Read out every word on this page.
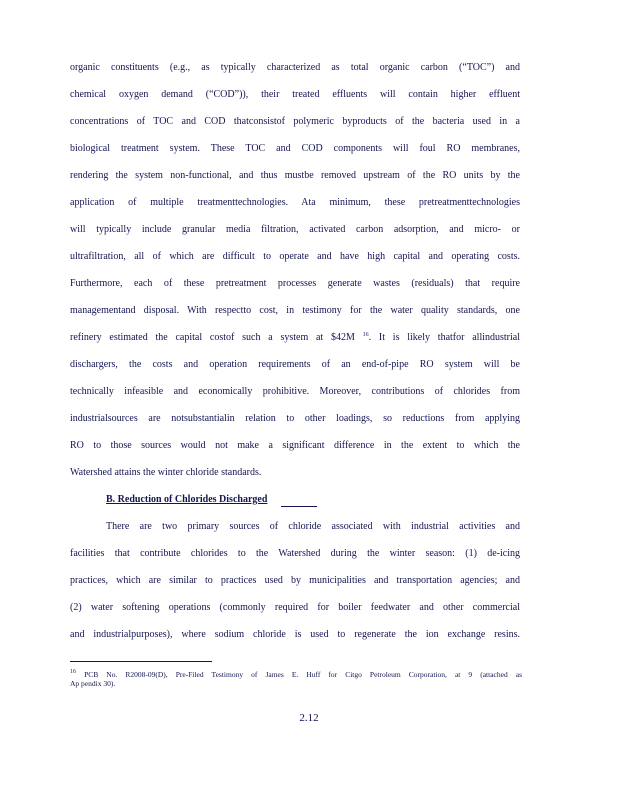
organic constituents (e.g., as typically characterized as total organic carbon (“TOC”) and

chemical oxygen demand (“COD”)), their treated effluents will contain higher effluent

concentrations of TOC and COD thatconsistof polymeric byproducts of the bacteria used in a

biological treatment system. These TOC and COD components will foul RO membranes,

rendering the system non-functional, and thus mustbe removed upstream of the RO units by the

application of multiple treatmenttechnologies. Ata minimum, these pretreatmenttechnologies

will typically include granular media filtration, activated carbon adsorption, and micro- or

ultrafiltration, all of which are difficult to operate and have high capital and operating costs.

Furthermore, each of these pretreatment processes generate wastes (residuals) that require

managementand disposal. With respectto cost, in testimony for the water quality standards, one

refinery estimated the capital costof such a system at $42M $^{16}$. It is likely thatfor allindustrial

dischargers, the costs and operation requirements of an end-of-pipe RO system will be

technically infeasible and economically prohibitive. Moreover, contributions of chlorides from

industrialsources are notsubstantialin relation to other loadings, so reductions from applying

RO to those sources would not make a significant difference in the extent to which the

Watershed attains the winter chloride standards.

B. Reduction of Chlorides Discharged

There are two primary sources of chloride associated with industrial activities and

facilities that contribute chlorides to the Watershed during the winter season: (1) de-icing

practices, which are similar to practices used by municipalities and transportation agencies; and

(2) water softening operations (commonly required for boiler feedwater and other commercial

and industrialpurposes), where sodium chloride is used to regenerate the ion exchange resins.

$^{16}$ PCB No. R2008-09(D), Pre-Filed Testimony of James E. Huff for Citgo Petroleum Corporation, at 9 (attached as

Ap pendix 30).

2.12
